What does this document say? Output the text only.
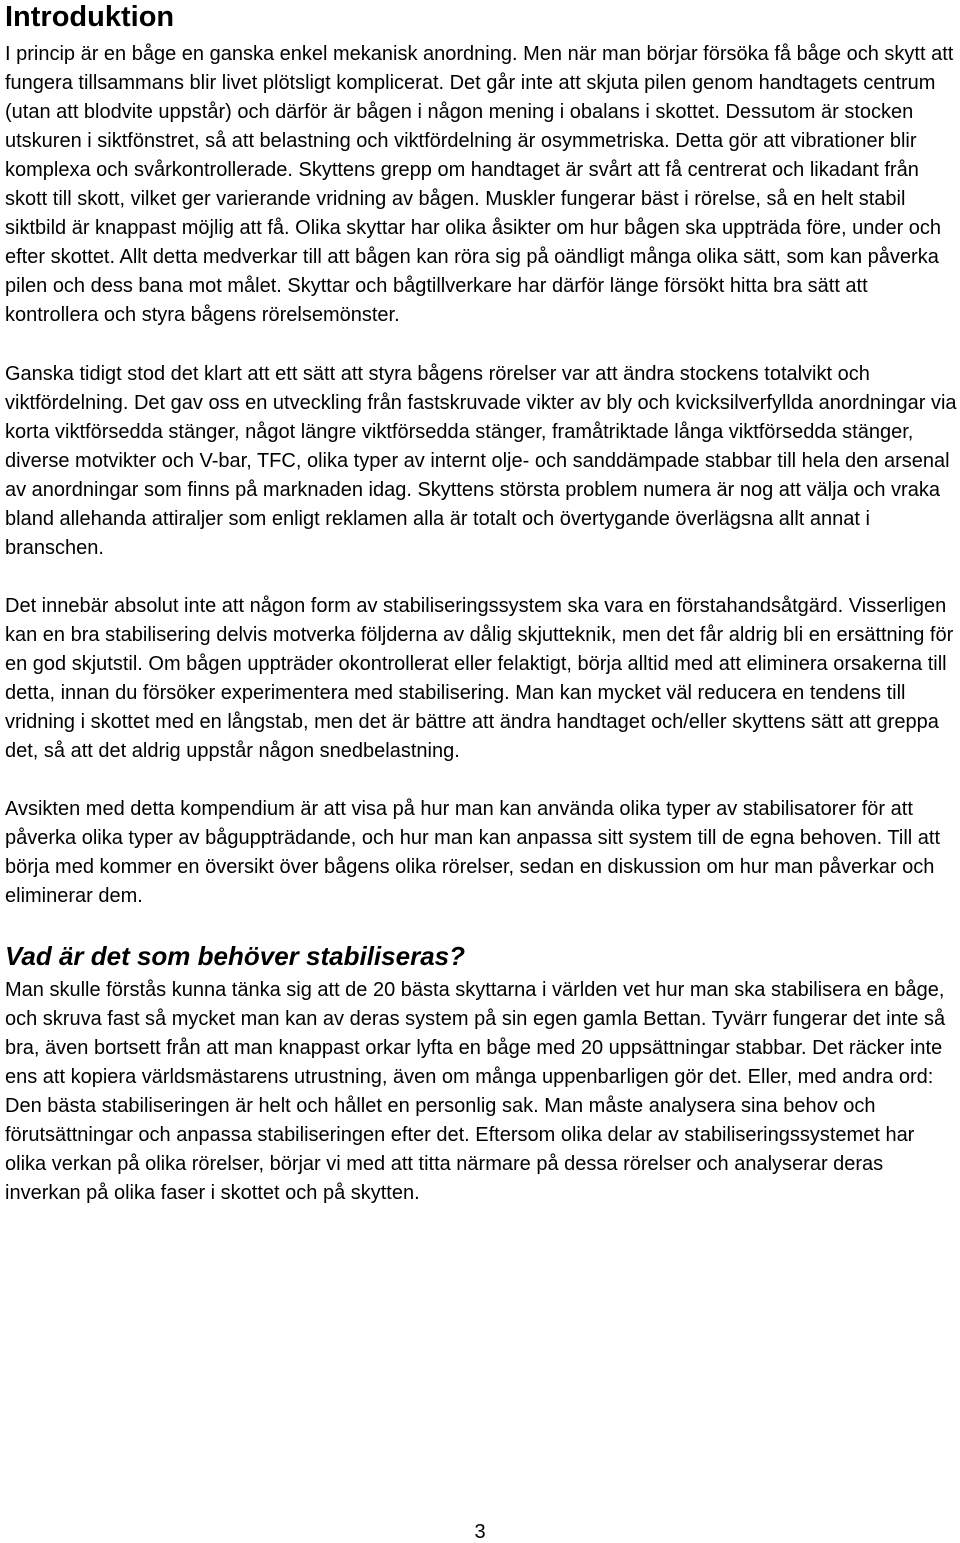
Introduktion

I princip är en båge en ganska enkel mekanisk anordning. Men när man börjar försöka få båge och skytt att fungera tillsammans blir livet plötsligt komplicerat. Det går inte att skjuta pilen genom handtagets centrum (utan att blodvite uppstår) och därför är bågen i någon mening i obalans i skottet. Dessutom är stocken utskuren i siktfönstret, så att belastning och viktfördelning är osymmetriska. Detta gör att vibrationer blir komplexa och svårkontrollerade. Skyttens grepp om handtaget är svårt att få centrerat och likadant från skott till skott, vilket ger varierande vridning av bågen. Muskler fungerar bäst i rörelse, så en helt stabil siktbild är knappast möjlig att få. Olika skyttar har olika åsikter om hur bågen ska uppträda före, under och efter skottet. Allt detta medverkar till att bågen kan röra sig på oändligt många olika sätt, som kan påverka pilen och dess bana mot målet. Skyttar och bågtillverkare har därför länge försökt hitta bra sätt att kontrollera och styra bågens rörelsemönster.

Ganska tidigt stod det klart att ett sätt att styra bågens rörelser var att ändra stockens totalvikt och viktfördelning. Det gav oss en utveckling från fastskruvade vikter av bly och kvicksilverfyllda anordningar via korta viktförsedda stänger, något längre viktförsedda stänger, framåtriktade långa viktförsedda stänger, diverse motvikter och V-bar, TFC, olika typer av internt olje- och sanddämpade stabbar till hela den arsenal av anordningar som finns på marknaden idag. Skyttens största problem numera är nog att välja och vraka bland allehanda attiraljer som enligt reklamen alla är totalt och övertygande överlägsna allt annat i branschen.

Det innebär absolut inte att någon form av stabiliseringssystem ska vara en förstahandsåtgärd. Visserligen kan en bra stabilisering delvis motverka följderna av dålig skjutteknik, men det får aldrig bli en ersättning för en god skjutstil. Om bågen uppträder okontrollerat eller felaktigt, börja alltid med att eliminera orsakerna till detta, innan du försöker experimentera med stabilisering. Man kan mycket väl reducera en tendens till vridning i skottet med en långstab, men det är bättre att ändra handtaget och/eller skyttens sätt att greppa det, så att det aldrig uppstår någon snedbelastning.

Avsikten med detta kompendium är att visa på hur man kan använda olika typer av stabilisatorer för att påverka olika typer av båguppträdande, och hur man kan anpassa sitt system till de egna behoven. Till att börja med kommer en översikt över bågens olika rörelser, sedan en diskussion om hur man påverkar och eliminerar dem.

Vad är det som behöver stabiliseras?

Man skulle förstås kunna tänka sig att de 20 bästa skyttarna i världen vet hur man ska stabilisera en båge, och skruva fast så mycket man kan av deras system på sin egen gamla Bettan. Tyvärr fungerar det inte så bra, även bortsett från att man knappast orkar lyfta en båge med 20 uppsättningar stabbar. Det räcker inte ens att kopiera världsmästarens utrustning, även om många uppenbarligen gör det. Eller, med andra ord: Den bästa stabiliseringen är helt och hållet en personlig sak. Man måste analysera sina behov och förutsättningar och anpassa stabiliseringen efter det. Eftersom olika delar av stabiliseringssystemet har olika verkan på olika rörelser, börjar vi med att titta närmare på dessa rörelser och analyserar deras inverkan på olika faser i skottet och på skytten.

3
